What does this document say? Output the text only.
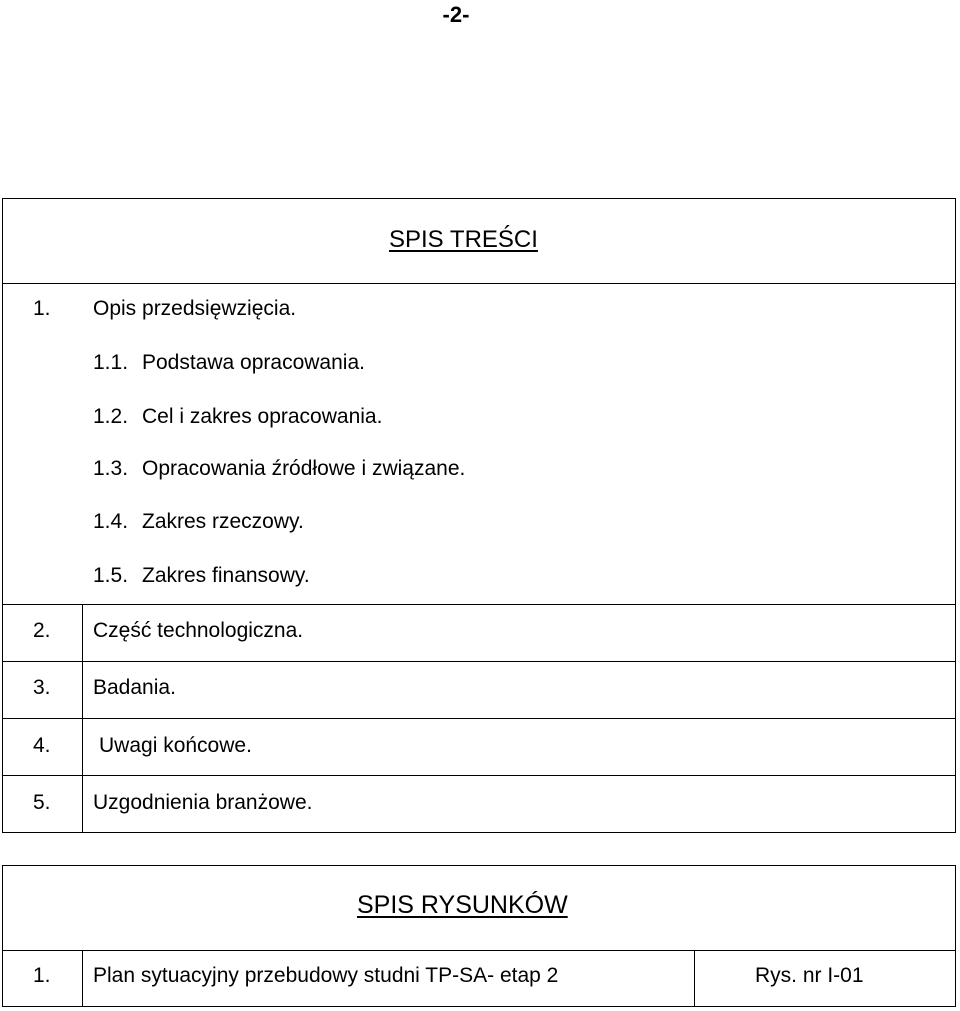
-2-
SPIS TREŚCI
1. Opis przedsięwzięcia.
1.1. Podstawa opracowania.
1.2. Cel i zakres opracowania.
1.3. Opracowania źródłowe i związane.
1.4. Zakres rzeczowy.
1.5. Zakres finansowy.
2. Część technologiczna.
3. Badania.
4. Uwagi końcowe.
5. Uzgodnienia branżowe.
SPIS RYSUNKÓW
1. Plan sytuacyjny przebudowy studni TP-SA- etap 2	Rys. nr I-01
